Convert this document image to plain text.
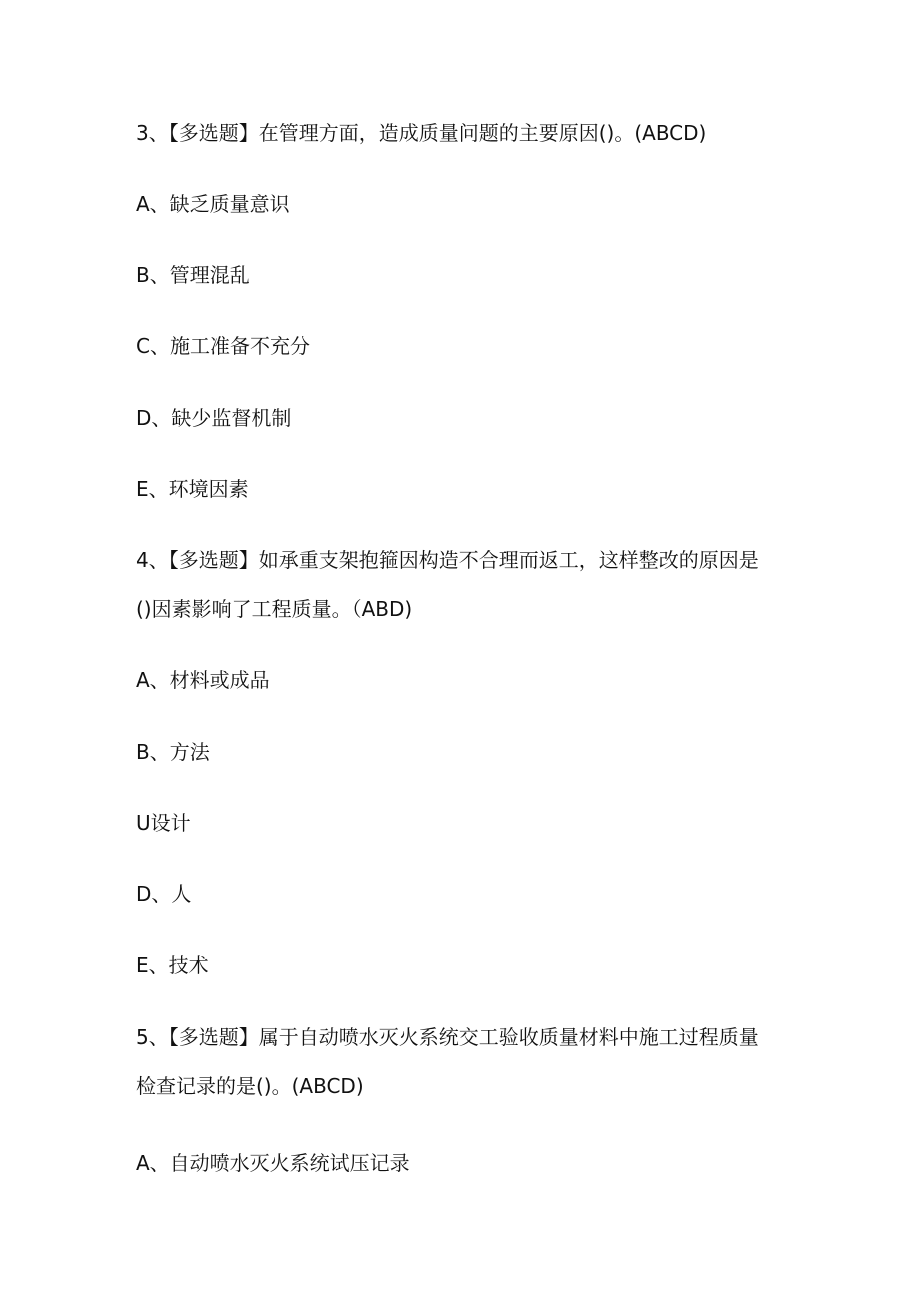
3、【多选题】在管理方面，造成质量问题的主要原因()。(ABCD)
A、缺乏质量意识
B、管理混乱
C、施工准备不充分
D、缺少监督机制
E、环境因素
4、【多选题】如承重支架抱箍因构造不合理而返工，这样整改的原因是
()因素影响了工程质量。（ABD)
A、材料或成品
B、方法
U设计
D、人
E、技术
5、【多选题】属于自动喷水灭火系统交工验收质量材料中施工过程质量
检查记录的是()。(ABCD)
A、自动喷水灭火系统试压记录
